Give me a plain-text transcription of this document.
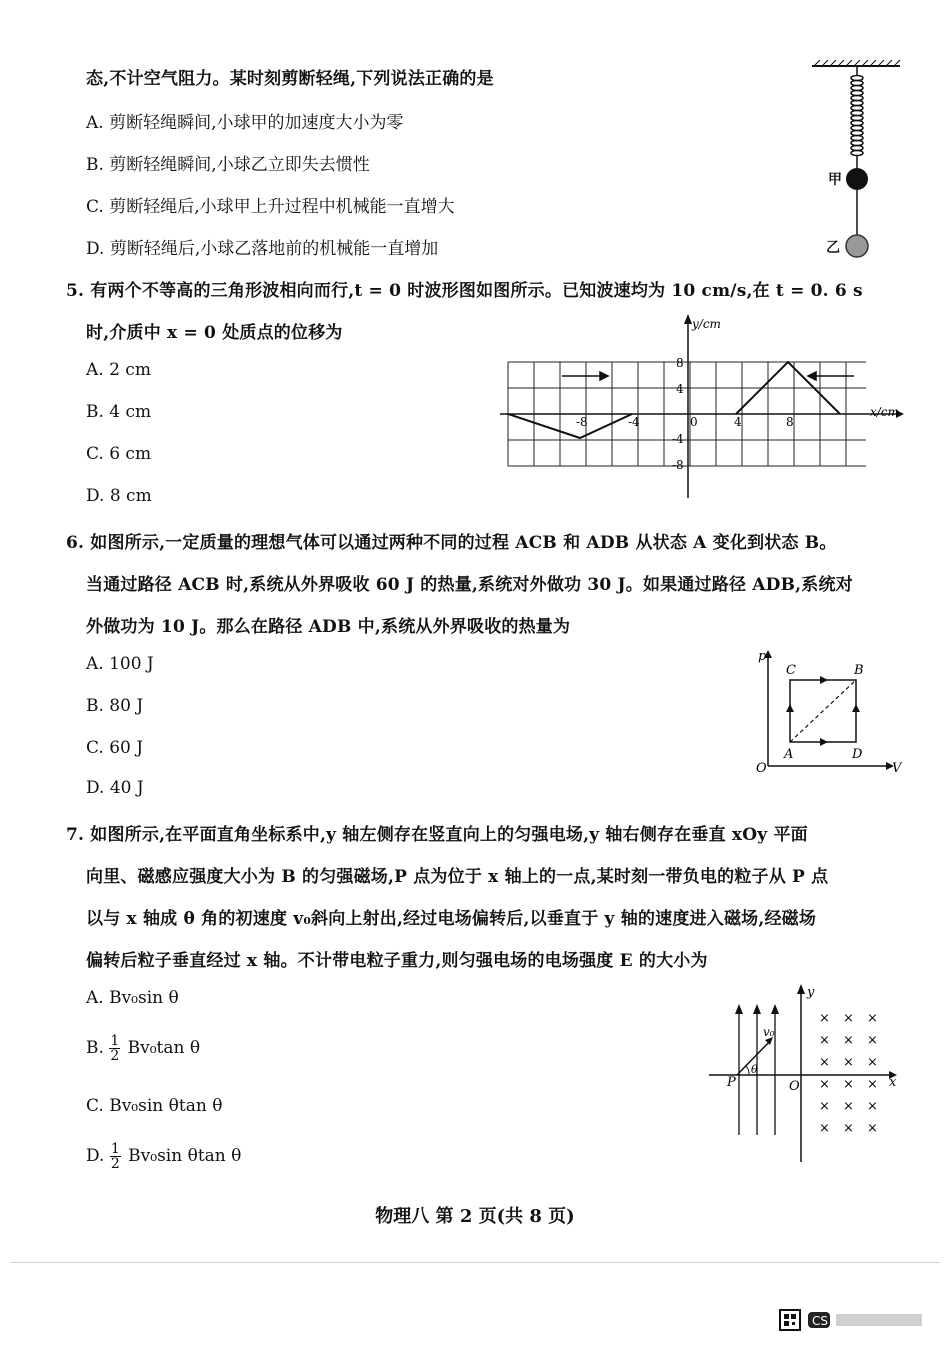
态,不计空气阻力。某时刻剪断轻绳,下列说法正确的是
A. 剪断轻绳瞬间,小球甲的加速度大小为零
B. 剪断轻绳瞬间,小球乙立即失去惯性
C. 剪断轻绳后,小球甲上升过程中机械能一直增大
D. 剪断轻绳后,小球乙落地前的机械能一直增加
甲
乙
5. 有两个不等高的三角形波相向而行,t = 0 时波形图如图所示。已知波速均为 10 cm/s,在 t = 0. 6 s
时,介质中 x = 0 处质点的位移为
A. 2 cm
B. 4 cm
C. 6 cm
D. 8 cm
y/cm
x/cm
0
8
4
-4
-8
-8	-4	4	8
6. 如图所示,一定质量的理想气体可以通过两种不同的过程 ACB 和 ADB 从状态 A 变化到状态 B。
当通过路径 ACB 时,系统从外界吸收 60 J 的热量,系统对外做功 30 J。如果通过路径 ADB,系统对
外做功为 10 J。那么在路径 ADB 中,系统从外界吸收的热量为
A. 100 J
B. 80 J
C. 60 J
D. 40 J
p
V
O
A
B
C
D
7. 如图所示,在平面直角坐标系中,y 轴左侧存在竖直向上的匀强电场,y 轴右侧存在垂直 xOy 平面
向里、磁感应强度大小为 B 的匀强磁场,P 点为位于 x 轴上的一点,某时刻一带负电的粒子从 P 点
以与 x 轴成 θ 角的初速度 v₀斜向上射出,经过电场偏转后,以垂直于 y 轴的速度进入磁场,经磁场
偏转后粒子垂直经过 x 轴。不计带电粒子重力,则匀强电场的电场强度 E 的大小为
A. Bv₀sin θ
B. $\frac{1}{2} Bv_0\tan$ θ
C. Bv₀sin θtan θ
D. $\frac{1}{2} Bv_0\sin$ θtan θ
× × ×
× × ×
× × ×
× × ×
× × ×
× × ×
y
x
O
P
v₀
θ
物理八 第 2 页(共 8 页)
CS
